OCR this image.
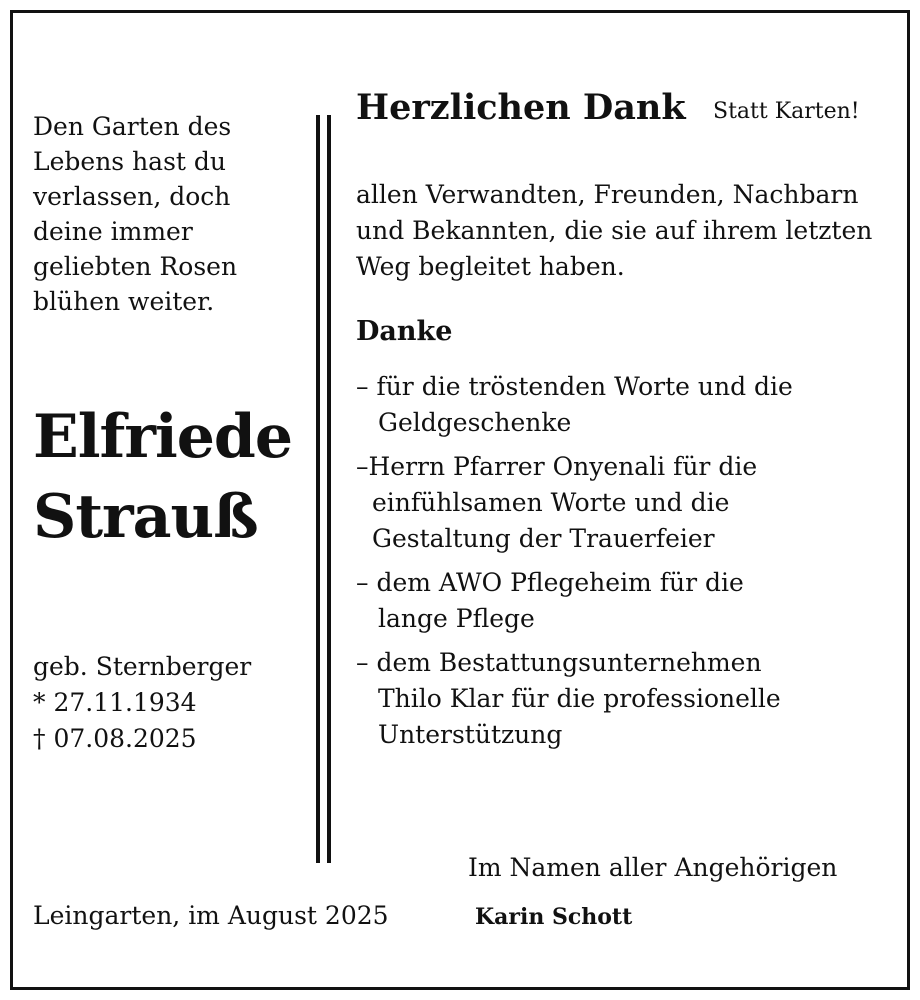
Den Garten des
Lebens hast du
verlassen, doch
deine immer
geliebten Rosen
blühen weiter.
Elfriede
Strauß
geb. Sternberger
* 27.11.1934
† 07.08.2025
Leingarten, im August 2025
Herzlichen Dank Statt Karten!
allen Verwandten, Freunden, Nachbarn
und Bekannten, die sie auf ihrem letzten
Weg begleitet haben.
Danke
– für die tröstenden Worte und die
Geldgeschenke
–Herrn Pfarrer Onyenali für die
einfühlsamen Worte und die
Gestaltung der Trauerfeier
– dem AWO Pflegeheim für die
lange Pflege
– dem Bestattungsunternehmen
Thilo Klar für die professionelle
Unterstützung
Im Namen aller Angehörigen
Karin Schott
